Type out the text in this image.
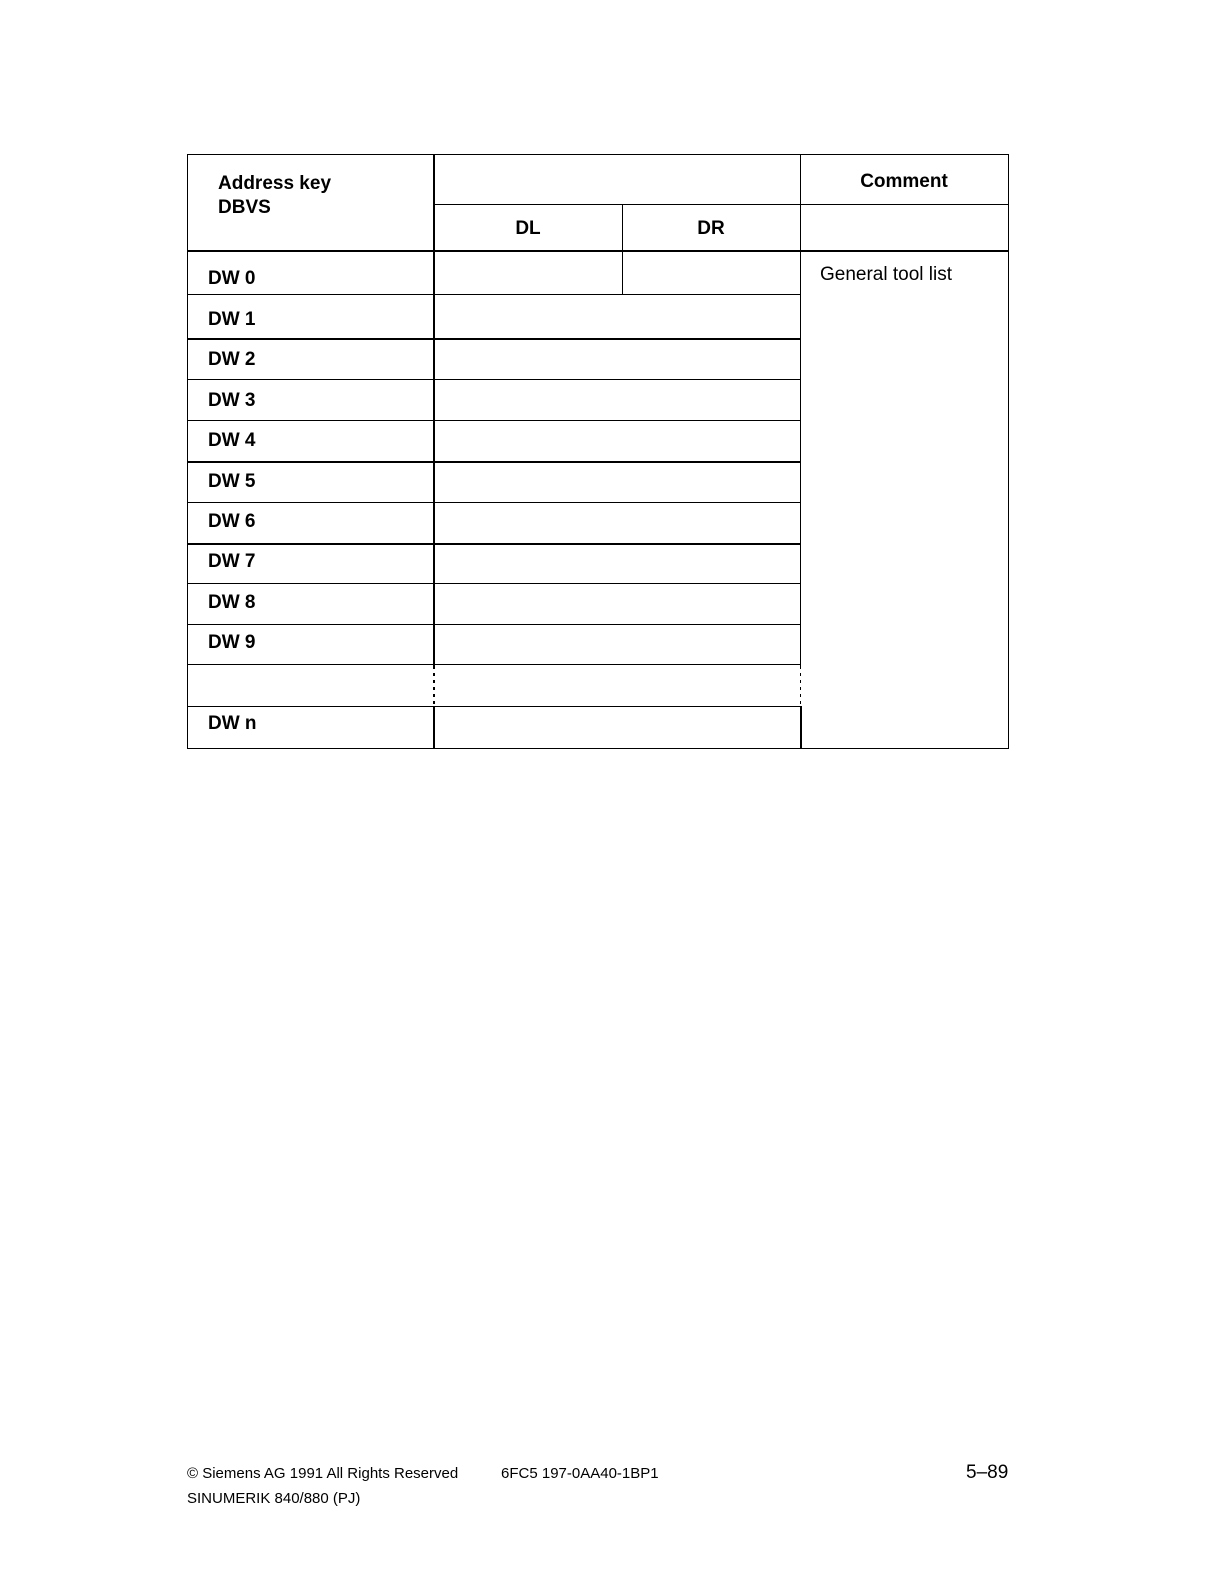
Address key
DBVS
Comment
DL	DR
DW 0
DW 1
DW 2
DW 3
DW 4
DW 5
DW 6
DW 7
DW 8
DW 9
DW n
General tool list
© Siemens AG 1991 All Rights Reserved	6FC5 197-0AA40-1BP1
SINUMERIK 840/880 (PJ)
5–89
